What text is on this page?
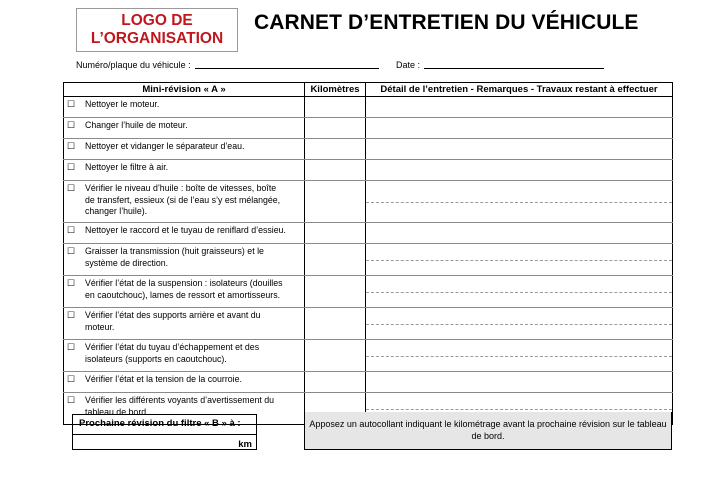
LOGO DE
L’ORGANISATION
CARNET D’ENTRETIEN DU VÉHICULE
Numéro/plaque du véhicule :	Date :
Mini-révision « A »	Kilomètres	Détail de l’entretien - Remarques - Travaux restant à effectuer

☐ Nettoyer le moteur.		

☐ Changer l’huile de moteur.		

☐ Nettoyer et vidanger le séparateur d’eau.		

☐ Nettoyer le filtre à air.		

☐ Vérifier le niveau d’huile : boîte de vitesses, boîte
de transfert, essieux (si de l’eau s’y est mélangée,
changer l’huile).		

☐ Nettoyer le raccord et le tuyau de reniflard d’essieu.		

☐ Graisser la transmission (huit graisseurs) et le
système de direction.		

☐ Vérifier l’état de la suspension : isolateurs (douilles
en caoutchouc), lames de ressort et amortisseurs.		

☐ Vérifier l’état des supports arrière et avant du
moteur.		

☐ Vérifier l’état du tuyau d’échappement et des
isolateurs (supports en caoutchouc).		

☐ Vérifier l’état et la tension de la courroie.		

☐ Vérifier les différents voyants d’avertissement du
tableau de bord.		

Prochaine révision du filtre « B » à :
km
Apposez un autocollant indiquant le kilométrage avant la prochaine révision sur le tableau de bord.
